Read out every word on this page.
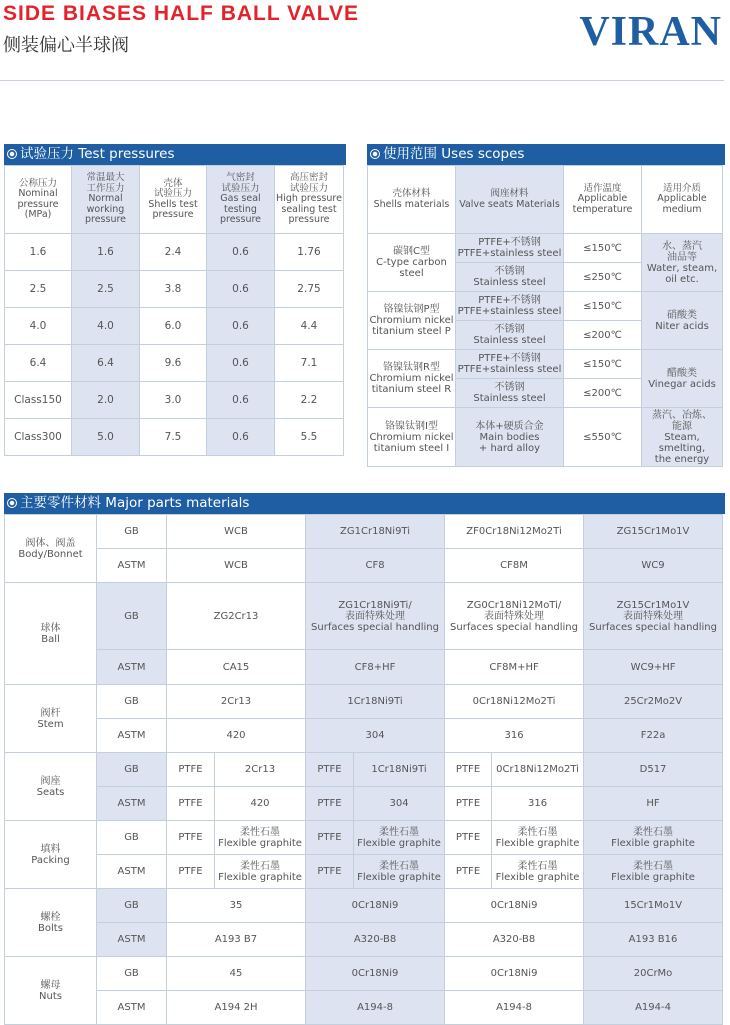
SIDE BIASES HALF BALL VALVE
侧装偏心半球阀	VIRAN
试验压力 Test pressures
公称压力
Nominal
pressure
(MPa)	常温最大
工作压力
Normal
working
pressure	壳体
试验压力
Shells test
pressure	气密封
试验压力
Gas seal
testing
pressure	高压密封
试验压力
High pressure
sealing test
pressure

1.6	1.6	2.4	0.6	1.76

2.5	2.5	3.8	0.6	2.75

4.0	4.0	6.0	0.6	4.4

6.4	6.4	9.6	0.6	7.1

Class150	2.0	3.0	0.6	2.2

Class300	5.0	7.5	0.6	5.5
使用范围 Uses scopes
壳体材料
Shells materials	阀座材料
Valve seats Materials	适作温度
Applicable
temperature	适用介质
Applicable
medium

碳钢C型
C-type carbon
steel	PTFE+不锈钢
PTFE+stainless steel	≤150℃	水、蒸汽
油品等
Water, steam,
oil etc.

	不锈钢
Stainless steel	≤250℃	

铬镍钛钢P型
Chromium nickel
titanium steel P	PTFE+不锈钢
PTFE+stainless steel	≤150℃	硝酸类
Niter acids

	不锈钢
Stainless steel	≤200℃	

铬镍钛钢R型
Chromium nickel
titanium steel R	PTFE+不锈钢
PTFE+stainless steel	≤150℃	醋酸类
Vinegar acids

	不锈钢
Stainless steel	≤200℃	

铬镍钛钢I型
Chromium nickel
titanium steel I	本体+硬质合金
Main bodies
+ hard alloy	≤550℃	蒸汽、冶炼、
能源
Steam, smelting,
the energy
主要零件材料 Major parts materials
阀体、阀盖
Body/Bonnet	GB	WCB		ZG1Cr18Ni9Ti		ZF0Cr18Ni12Mo2Ti		ZG15Cr1Mo1V

	ASTM	WCB		CF8		CF8M		WC9

球体
Ball	GB	ZG2Cr13		ZG1Cr18Ni9Ti/
表面特殊处理
Surfaces special handling		ZG0Cr18Ni12MoTi/
表面特殊处理
Surfaces special handling		ZG15Cr1Mo1V
表面特殊处理
Surfaces special handling

	ASTM	CA15		CF8+HF		CF8M+HF		WC9+HF

阀杆
Stem	GB	2Cr13		1Cr18Ni9Ti		0Cr18Ni12Mo2Ti		25Cr2Mo2V

	ASTM	420		304		316		F22a

阀座
Seats	GB	PTFE	2Cr13	PTFE	1Cr18Ni9Ti	PTFE	0Cr18Ni12Mo2Ti	D517

	ASTM	PTFE	420	PTFE	304	PTFE	316	HF

填料
Packing	GB	PTFE	柔性石墨
Flexible graphite	PTFE	柔性石墨
Flexible graphite	PTFE	柔性石墨
Flexible graphite	柔性石墨
Flexible graphite

	ASTM	PTFE	柔性石墨
Flexible graphite	PTFE	柔性石墨
Flexible graphite	PTFE	柔性石墨
Flexible graphite	柔性石墨
Flexible graphite

螺栓
Bolts	GB	35		0Cr18Ni9		0Cr18Ni9		15Cr1Mo1V

	ASTM	A193 B7		A320-B8		A320-B8		A193 B16

螺母
Nuts	GB	45		0Cr18Ni9		0Cr18Ni9		20CrMo

	ASTM	A194 2H		A194-8		A194-8		A194-4
